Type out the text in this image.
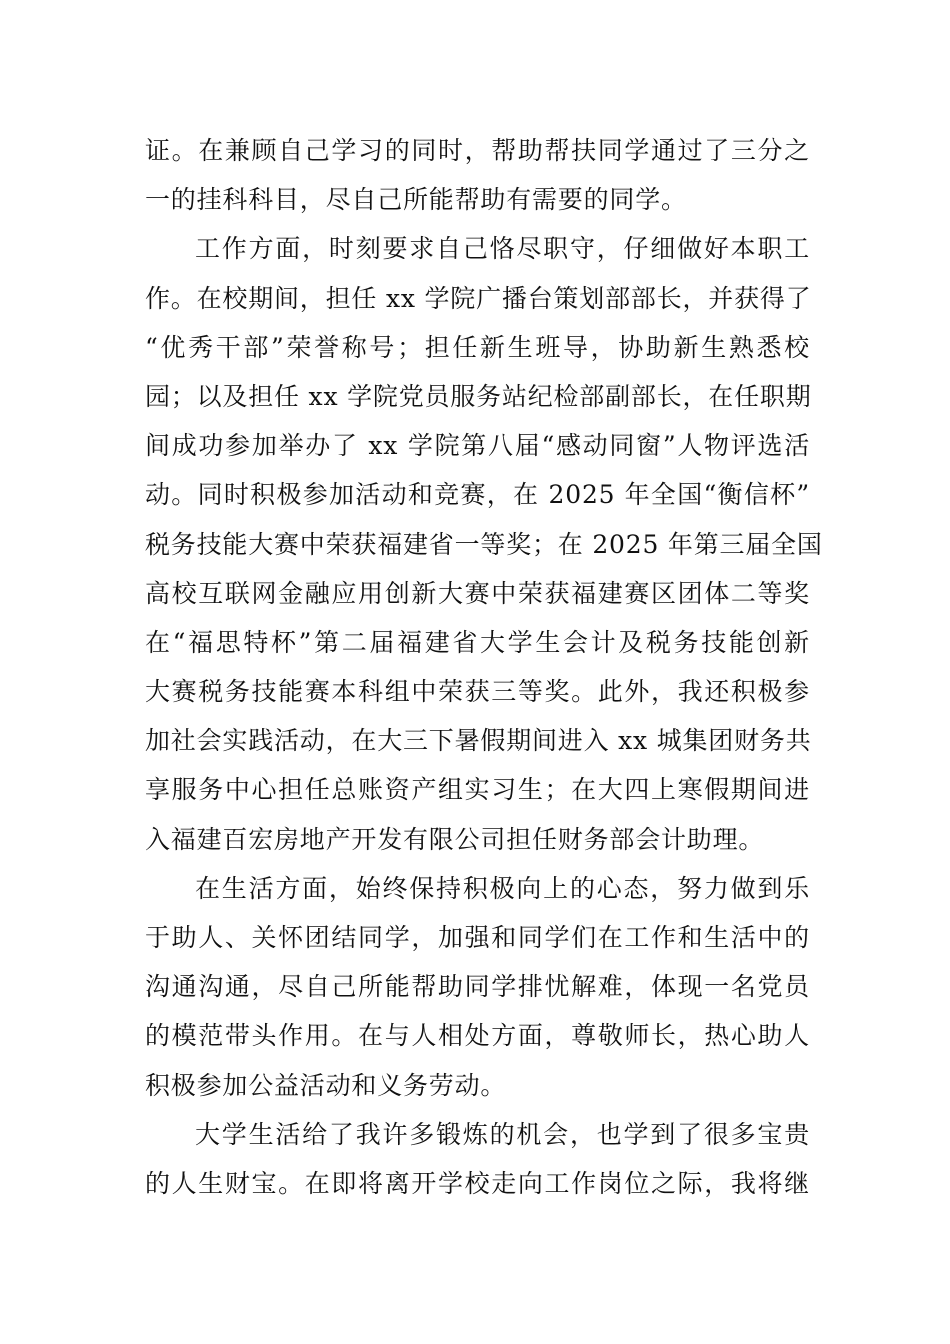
证。在兼顾自己学习的同时，帮助帮扶同学通过了三分之
一的挂科科目，尽自己所能帮助有需要的同学。
工作方面，时刻要求自己恪尽职守，仔细做好本职工
作。在校期间，担任 xx 学院广播台策划部部长，并获得了
“优秀干部”荣誉称号；担任新生班导，协助新生熟悉校
园；以及担任 xx 学院党员服务站纪检部副部长，在任职期
间成功参加举办了 xx 学院第八届“感动同窗”人物评选活
动。同时积极参加活动和竞赛，在 2025 年全国“衡信杯”
税务技能大赛中荣获福建省一等奖；在 2025 年第三届全国
高校互联网金融应用创新大赛中荣获福建赛区团体二等奖
在“福思特杯”第二届福建省大学生会计及税务技能创新
大赛税务技能赛本科组中荣获三等奖。此外，我还积极参
加社会实践活动，在大三下暑假期间进入 xx 城集团财务共
享服务中心担任总账资产组实习生；在大四上寒假期间进
入福建百宏房地产开发有限公司担任财务部会计助理。
在生活方面，始终保持积极向上的心态，努力做到乐
于助人、关怀团结同学，加强和同学们在工作和生活中的
沟通沟通，尽自己所能帮助同学排忧解难，体现一名党员
的模范带头作用。在与人相处方面，尊敬师长，热心助人
积极参加公益活动和义务劳动。
大学生活给了我许多锻炼的机会，也学到了很多宝贵
的人生财宝。在即将离开学校走向工作岗位之际，我将继
